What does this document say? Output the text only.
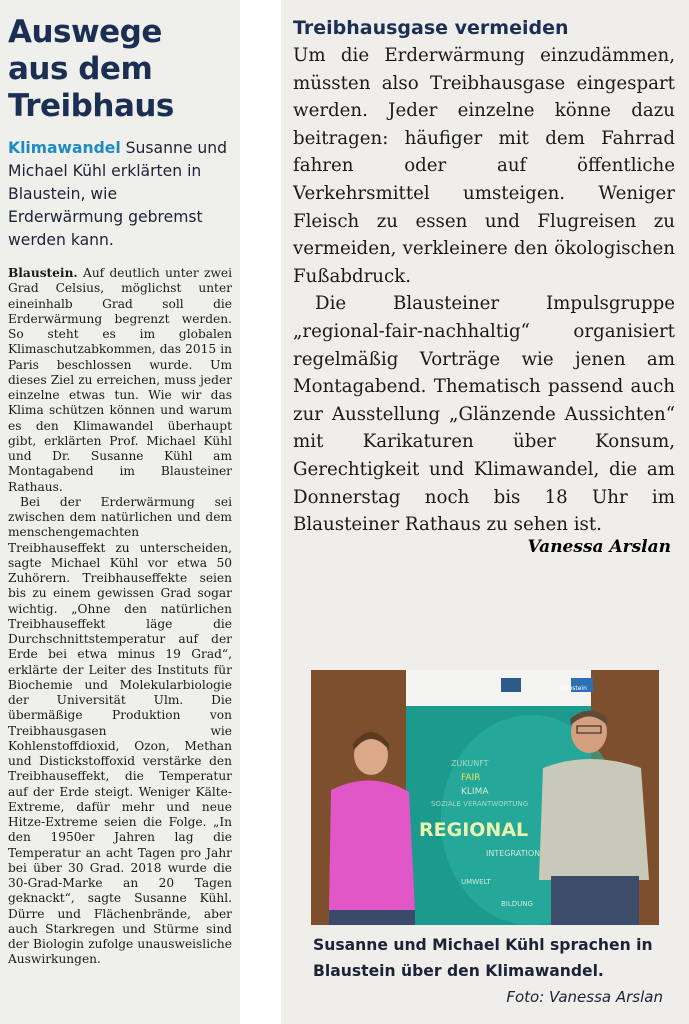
Auswege
aus dem
Treibhaus
Klimawandel Susanne und Michael Kühl erklärten in Blaustein, wie Erderwärmung gebremst werden kann.

Blaustein. Auf deutlich unter zwei Grad Celsius, möglichst unter eineinhalb Grad soll die Erderwärmung begrenzt werden. So steht es im globalen Klimaschutzabkommen, das 2015 in Paris beschlossen wurde. Um dieses Ziel zu erreichen, muss jeder einzelne etwas tun. Wie wir das Klima schützen können und warum es den Klimawandel überhaupt gibt, erklärten Prof. Michael Kühl und Dr. Susanne Kühl am Montagabend im Blausteiner Rathaus.

Bei der Erderwärmung sei zwischen dem natürlichen und dem menschengemachten Treibhauseffekt zu unterscheiden, sagte Michael Kühl vor etwa 50 Zuhörern. Treibhauseffekte seien bis zu einem gewissen Grad sogar wichtig. „Ohne den natürlichen Treibhauseffekt läge die Durchschnittstemperatur auf der Erde bei etwa minus 19 Grad“, erklärte der Leiter des Instituts für Biochemie und Molekularbiologie der Universität Ulm. Die übermäßige Produktion von Treibhausgasen wie Kohlenstoffdioxid, Ozon, Methan und Distickstoffoxid verstärke den Treibhauseffekt, die Temperatur auf der Erde steigt. Weniger Kälte-Extreme, dafür mehr und neue Hitze-Extreme seien die Folge. „In den 1950er Jahren lag die Temperatur an acht Tagen pro Jahr bei über 30 Grad. 2018 wurde die 30-Grad-Marke an 20 Tagen geknackt“, sagte Susanne Kühl. Dürre und Flächenbrände, aber auch Starkregen und Stürme sind der Biologin zufolge unausweisliche Auswirkungen.

Treibhausgase vermeiden

Um die Erderwärmung einzudämmen, müssten also Treibhausgase eingespart werden. Jeder einzelne könne dazu beitragen: häufiger mit dem Fahrrad fahren oder auf öffentliche Verkehrsmittel umsteigen. Weniger Fleisch zu essen und Flugreisen zu vermeiden, verkleinere den ökologischen Fußabdruck.

Die Blausteiner Impulsgruppe „regional-fair-nachhaltig“ organisiert regelmäßig Vorträge wie jenen am Montagabend. Thematisch passend auch zur Ausstellung „Glänzende Aussichten“ mit Karikaturen über Konsum, Gerechtigkeit und Klimawandel, die am Donnerstag noch bis 18 Uhr im Blausteiner Rathaus zu sehen ist.

Vanessa Arslan
FAIR
KLIMA
ZUKUNFT
SOZIALE VERANTWORTUNG
REGIONAL
INTEGRATION
UMWELT
BILDUNG
Blaustein
Susanne und Michael Kühl sprachen in Blaustein über den Klimawandel.
Foto: Vanessa Arslan
